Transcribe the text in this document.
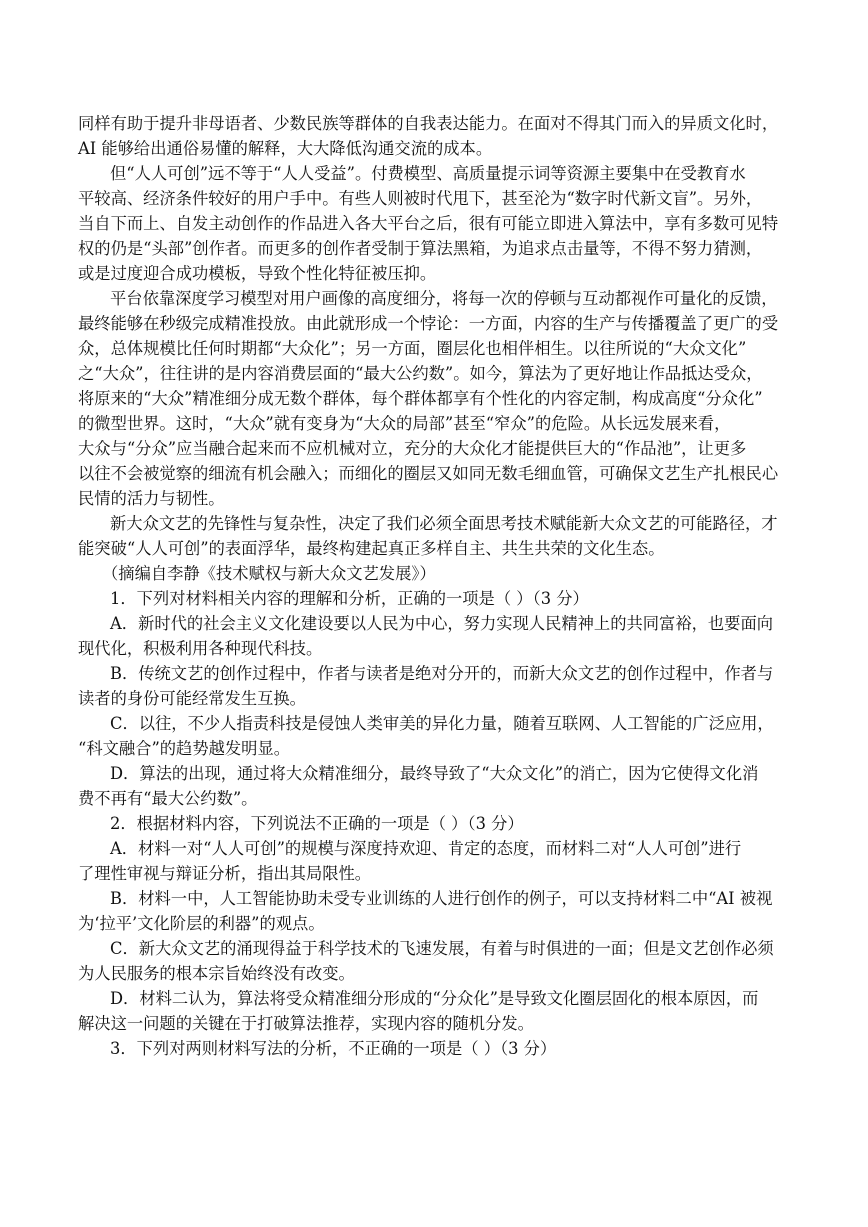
同样有助于提升非母语者、少数民族等群体的自我表达能力。在面对不得其门而入的异质文化时，
AI 能够给出通俗易懂的解释，大大降低沟通交流的成本。
但“人人可创”远不等于“人人受益”。付费模型、高质量提示词等资源主要集中在受教育水
平较高、经济条件较好的用户手中。有些人则被时代甩下，甚至沦为“数字时代新文盲”。另外，
当自下而上、自发主动创作的作品进入各大平台之后，很有可能立即进入算法中，享有多数可见特
权的仍是“头部”创作者。而更多的创作者受制于算法黑箱，为追求点击量等，不得不努力猜测，
或是过度迎合成功模板，导致个性化特征被压抑。
平台依靠深度学习模型对用户画像的高度细分，将每一次的停顿与互动都视作可量化的反馈，
最终能够在秒级完成精准投放。由此就形成一个悖论：一方面，内容的生产与传播覆盖了更广的受
众，总体规模比任何时期都“大众化”；另一方面，圈层化也相伴相生。以往所说的“大众文化”
之“大众”，往往讲的是内容消费层面的“最大公约数”。如今，算法为了更好地让作品抵达受众，
将原来的“大众”精准细分成无数个群体，每个群体都享有个性化的内容定制，构成高度“分众化”
的微型世界。这时，“大众”就有变身为“大众的局部”甚至“窄众”的危险。从长远发展来看，
大众与“分众”应当融合起来而不应机械对立，充分的大众化才能提供巨大的“作品池”，让更多
以往不会被觉察的细流有机会融入；而细化的圈层又如同无数毛细血管，可确保文艺生产扎根民心
民情的活力与韧性。
新大众文艺的先锋性与复杂性，决定了我们必须全面思考技术赋能新大众文艺的可能路径，才
能突破“人人可创”的表面浮华，最终构建起真正多样自主、共生共荣的文化生态。
（摘编自李静《技术赋权与新大众文艺发展》）
1．下列对材料相关内容的理解和分析，正确的一项是（ ）（3 分）
A．新时代的社会主义文化建设要以人民为中心，努力实现人民精神上的共同富裕，也要面向
现代化，积极利用各种现代科技。
B．传统文艺的创作过程中，作者与读者是绝对分开的，而新大众文艺的创作过程中，作者与
读者的身份可能经常发生互换。
C．以往，不少人指责科技是侵蚀人类审美的异化力量，随着互联网、人工智能的广泛应用，
“科文融合”的趋势越发明显。
D．算法的出现，通过将大众精准细分，最终导致了“大众文化”的消亡，因为它使得文化消
费不再有“最大公约数”。
2．根据材料内容，下列说法不正确的一项是（ ）（3 分）
A．材料一对“人人可创”的规模与深度持欢迎、肯定的态度，而材料二对“人人可创”进行
了理性审视与辩证分析，指出其局限性。
B．材料一中，人工智能协助未受专业训练的人进行创作的例子，可以支持材料二中“AI 被视
为‘拉平’文化阶层的利器”的观点。
C．新大众文艺的涌现得益于科学技术的飞速发展，有着与时俱进的一面；但是文艺创作必须
为人民服务的根本宗旨始终没有改变。
D．材料二认为，算法将受众精准细分形成的“分众化”是导致文化圈层固化的根本原因，而
解决这一问题的关键在于打破算法推荐，实现内容的随机分发。
3．下列对两则材料写法的分析，不正确的一项是（ ）（3 分）
